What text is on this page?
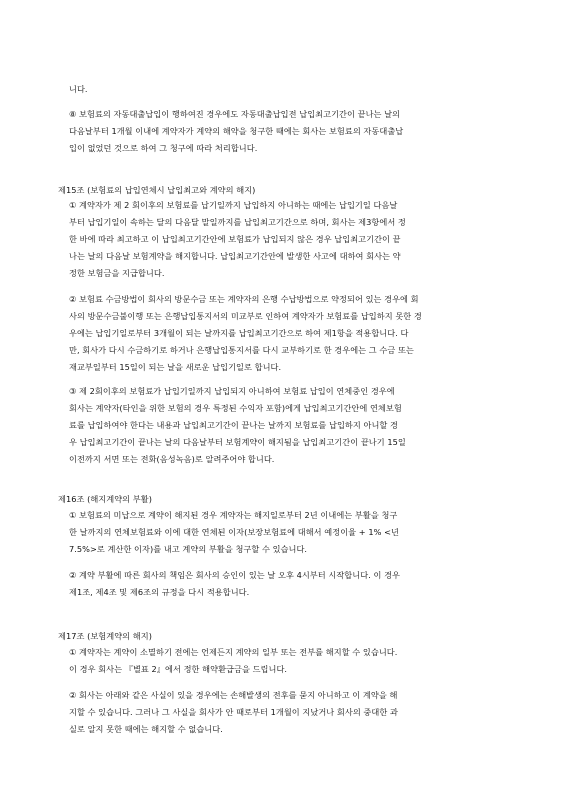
니다.
⑧ 보험료의 자동대출납입이 행하여진 경우에도 자동대출납입전 납입최고기간이 끝나는 날의
다음날부터 1개월 이내에 계약자가 계약의 해약을 청구한 때에는 회사는 보험료의 자동대출납
입이 없었던 것으로 하여 그 청구에 따라 처리합니다.
제15조 (보험료의 납입연체시 납입최고와 계약의 해지)
① 계약자가 제 2 회이후의 보험료를 납기일까지 납입하지 아니하는 때에는 납입기일 다음날
부터 납입기일이 속하는 달의 다음달 말일까지를 납입최고기간으로 하며, 회사는 제3항에서 정
한 바에 따라 최고하고 이 납입최고기간안에 보험료가 납입되지 않은 경우 납입최고기간이 끝
나는 날의 다음날 보험계약을 해지합니다. 납입최고기간안에 발생한 사고에 대하여 회사는 약
정한 보험금을 지급합니다.
② 보험료 수금방법이 회사의 방문수금 또는 계약자의 은행 수납방법으로 약정되어 있는 경우에 회
사의 방문수금불이행 또는 은행납입통지서의 미교부로 인하여 계약자가 보험료를 납입하지 못한 경
우에는 납입기일로부터 3개월이 되는 날까지를 납입최고기간으로 하여 제1항을 적용합니다. 다
만, 회사가 다시 수금하기로 하거나 은행납입통지서를 다시 교부하기로 한 경우에는 그 수금 또는
재교부일부터 15일이 되는 날을 새로운 납입기일로 합니다.
③ 제 2회이후의 보험료가 납입기일까지 납입되지 아니하여 보험료 납입이 연체중인 경우에
회사는 계약자(타인을 위한 보험의 경우 특정된 수익자 포함)에게 납입최고기간안에 연체보험
료를 납입하여야 한다는 내용과 납입최고기간이 끝나는 날까지 보험료를 납입하지 아니할 경
우 납입최고기간이 끝나는 날의 다음날부터 보험계약이 해지됨을 납입최고기간이 끝나기 15일
이전까지 서면 또는 전화(음성녹음)로 알려주어야 합니다.
제16조 (해지계약의 부활)
① 보험료의 미납으로 계약이 해지된 경우 계약자는 해지일로부터 2년 이내에는 부활을 청구
한 날까지의 연체보험료와 이에 대한 연체된 이자(보장보험료에 대해서 예정이율 + 1% <년
7.5%>로 계산한 이자)를 내고 계약의 부활을 청구할 수 있습니다.
② 계약 부활에 따른 회사의 책임은 회사의 승인이 있는 날 오후 4시부터 시작합니다. 이 경우
제1조, 제4조 및 제6조의 규정을 다시 적용합니다.
제17조 (보험계약의 해지)
① 계약자는 계약이 소멸하기 전에는 언제든지 계약의 일부 또는 전부를 해지할 수 있습니다.
이 경우 회사는 『별표 2』에서 정한 해약환급금을 드립니다.
② 회사는 아래와 같은 사실이 있을 경우에는 손해발생의 전후를 묻지 아니하고 이 계약을 해
지할 수 있습니다. 그러나 그 사실을 회사가 안 때로부터 1개월이 지났거나 회사의 중대한 과
실로 알지 못한 때에는 해지할 수 없습니다.
